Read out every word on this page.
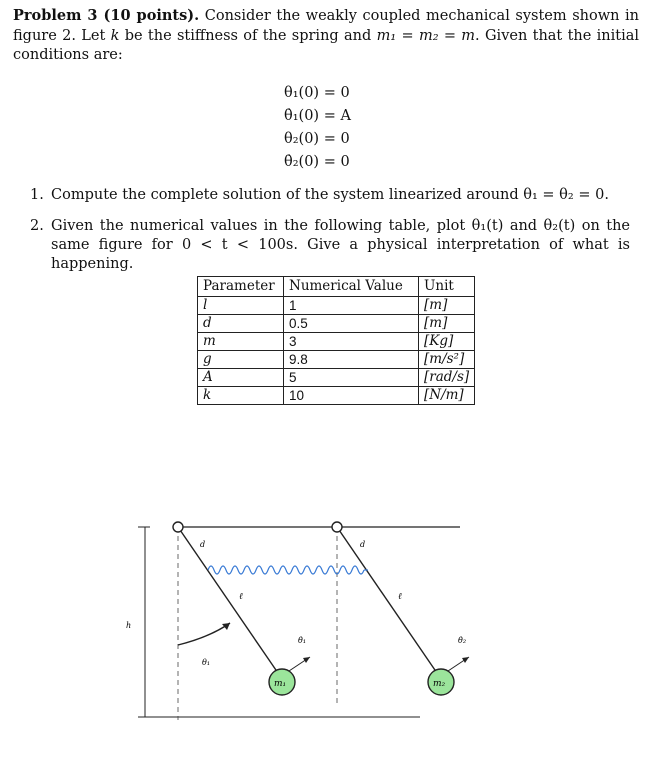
Problem 3 (10 points). Consider the weakly coupled mechanical system shown in figure 2. Let k be the stiffness of the spring and m₁ = m₂ = m. Given that the initial conditions are:
θ₁(0) = 0
θ̇₁(0) = A
θ₂(0) = 0
θ̇₂(0) = 0
1. Compute the complete solution of the system linearized around θ₁ = θ₂ = 0.
2. Given the numerical values in the following table, plot θ₁(t) and θ₂(t) on the same figure for 0 < t < 100s. Give a physical interpretation of what is happening.
Parameter	Numerical Value	Unit
l	1	[m]
d	0.5	[m]
m	3	[Kg]
g	9.8	[m/s²]
A	5	[rad/s]
k	10	[N/m]
h
d	d
ℓ	ℓ
θ₁
θ̇₁	θ̇₂
m₁	m₂
